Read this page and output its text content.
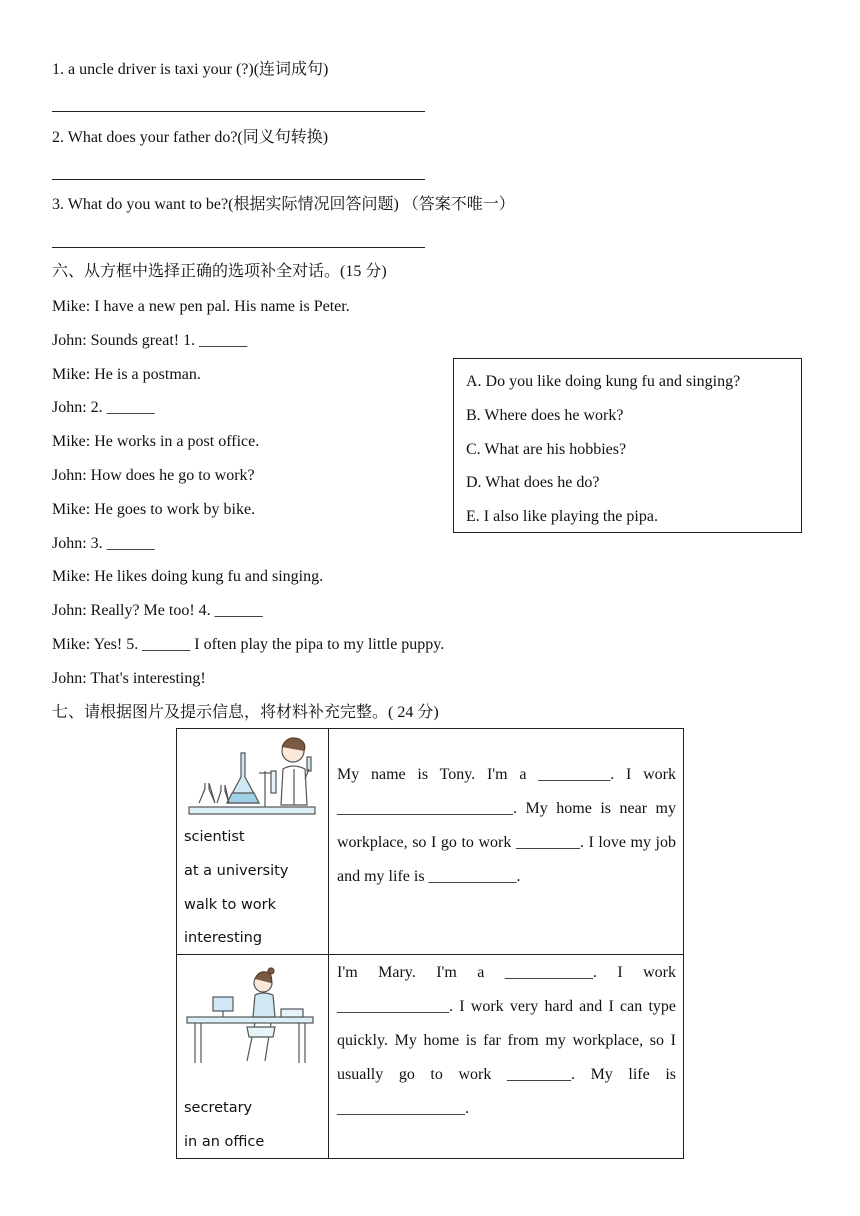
1. a uncle driver is taxi your (?)(连词成句)
2. What does your father do?(同义句转换)
3. What do you want to be?(根据实际情况回答问题) （答案不唯一）
六、从方框中选择正确的选项补全对话。(15 分)
Mike: I have a new pen pal. His name is Peter.
John: Sounds great! 1. ______
Mike: He is a postman.
John: 2. ______
Mike: He works in a post office.
John: How does he go to work?
Mike: He goes to work by bike.
John: 3. ______
Mike: He likes doing kung fu and singing.
John: Really? Me too! 4. ______
Mike: Yes! 5. ______ I often play the pipa to my little puppy.
John: That's interesting!
A. Do you like doing kung fu and singing?
B. Where does he work?
C. What are his hobbies?
D. What does he do?
E. I also like playing the pipa.
七、请根据图片及提示信息，将材料补充完整。( 24 分)
scientist
at a university
walk to work
interesting
My name is Tony. I'm a _________. I work ______________________. My home is near my workplace, so I go to work ________. I love my job and my life is ___________.
secretary
in an office
I'm Mary. I'm a ___________. I work ______________. I work very hard and I can type quickly. My home is far from my workplace, so I usually go to work ________. My life is ________________.
